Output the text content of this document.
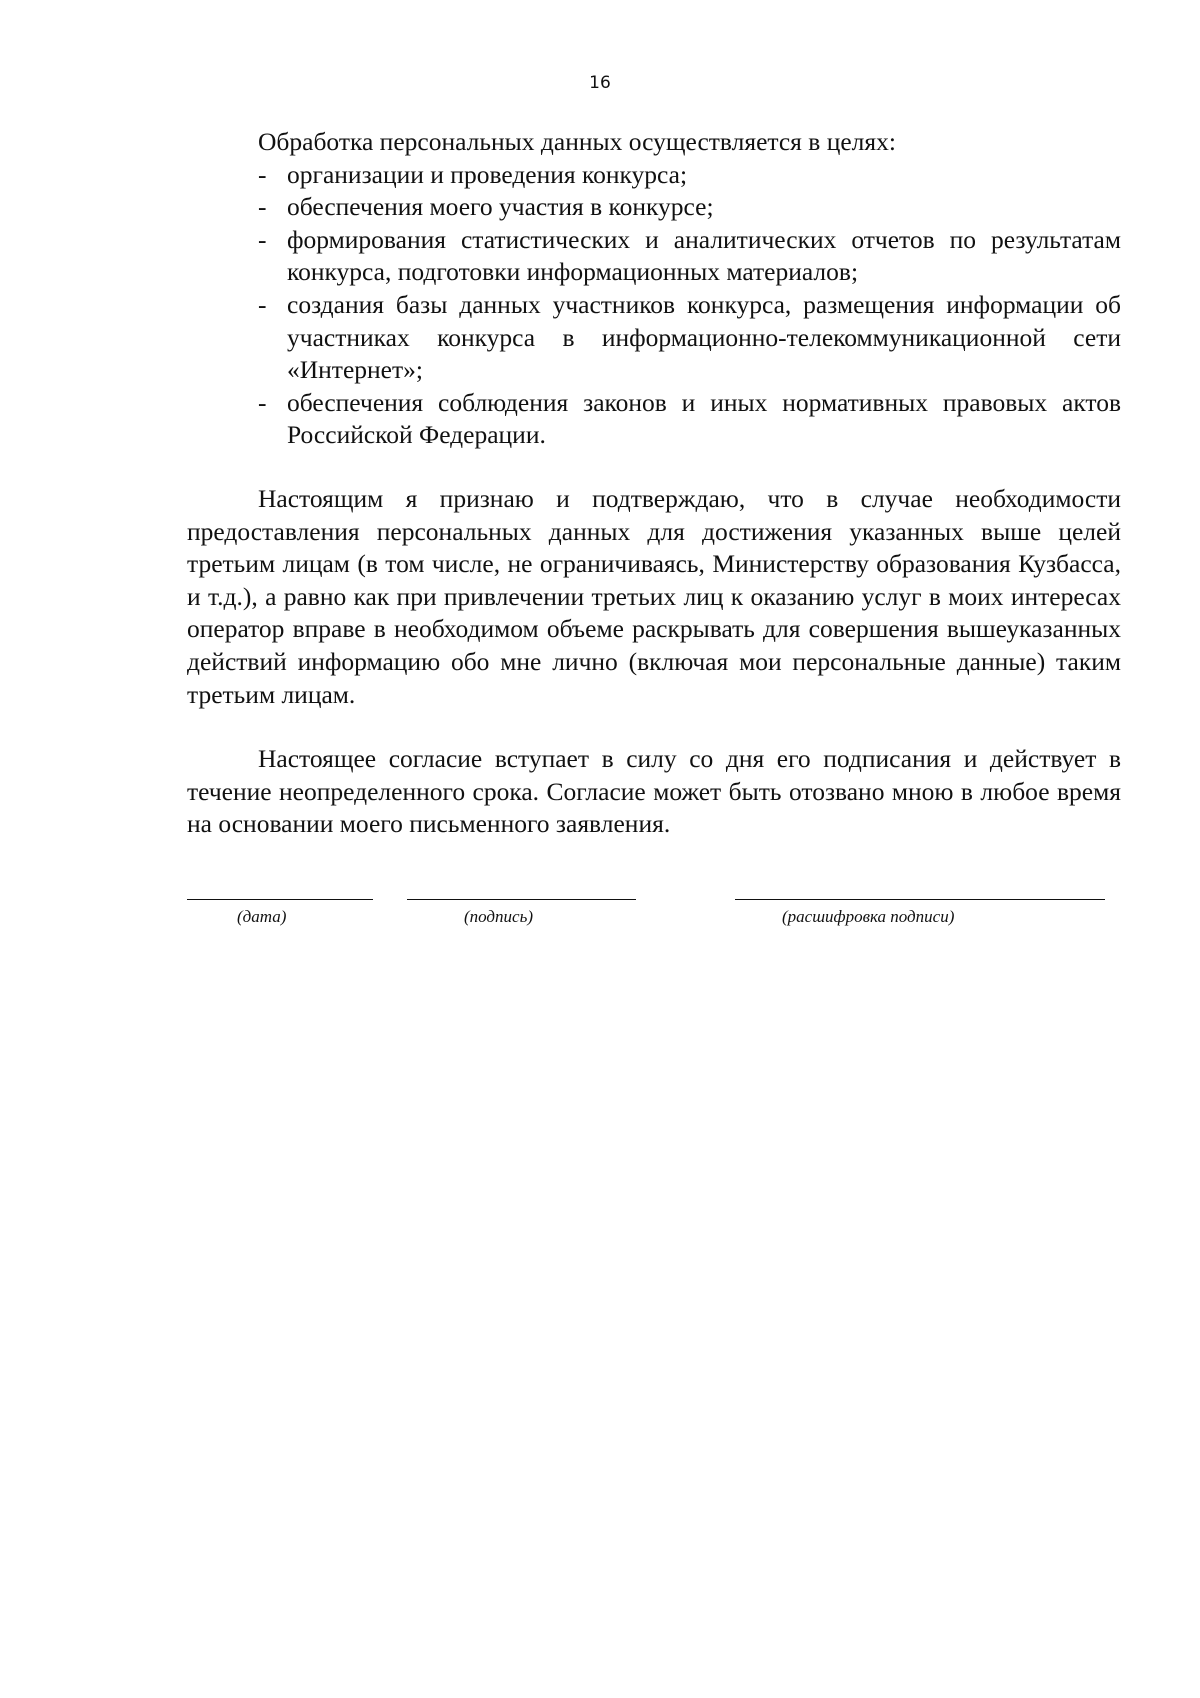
16

Обработка персональных данных осуществляется в целях:

- организации и проведения конкурса;
- обеспечения моего участия в конкурсе;
- формирования статистических и аналитических отчетов по результатам конкурса, подготовки информационных материалов;
- создания базы данных участников конкурса, размещения информации об участниках конкурса в информационно-телекоммуникационной сети «Интернет»;
- обеспечения соблюдения законов и иных нормативных правовых актов Российской Федерации.

Настоящим я признаю и подтверждаю, что в случае необходимости предоставления персональных данных для достижения указанных выше целей третьим лицам (в том числе, не ограничиваясь, Министерству образования Кузбасса, и т.д.), а равно как при привлечении третьих лиц к оказанию услуг в моих интересах оператор вправе в необходимом объеме раскрывать для совершения вышеуказанных действий информацию обо мне лично (включая мои персональные данные) таким третьим лицам.

Настоящее согласие вступает в силу со дня его подписания и действует в течение неопределенного срока. Согласие может быть отозвано мною в любое время на основании моего письменного заявления.

(дата)	(подпись)	(расшифровка подписи)
